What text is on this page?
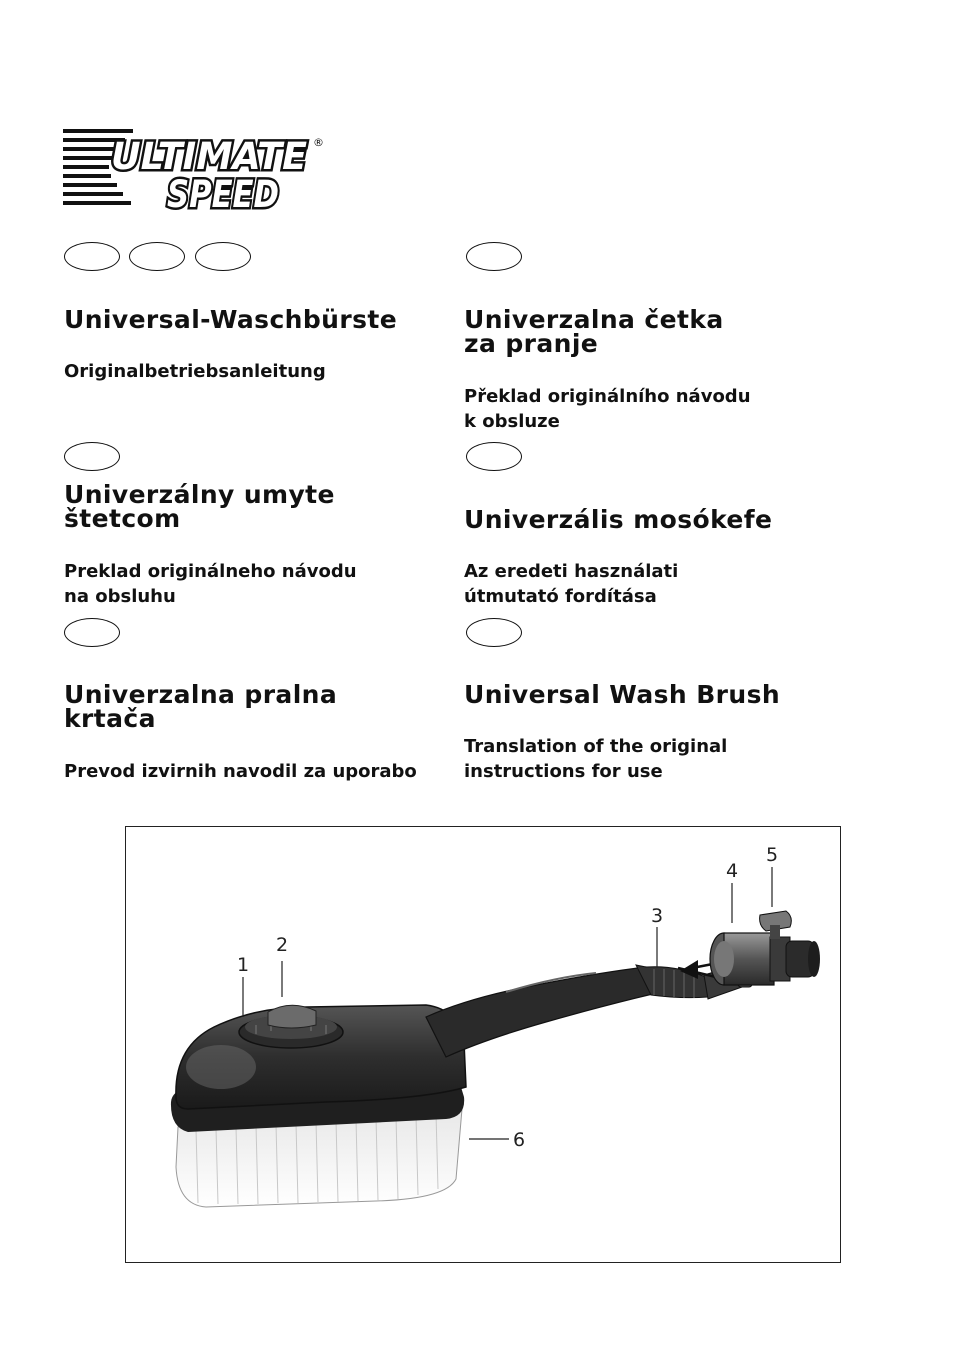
ULTIMATE
SPEED
®
Universal-Waschbürste

Originalbetriebsanleitung

Univerzalna četka
za pranje

Překlad originálního návodu
k obsluze

Univerzálny umyte
štetcom

Preklad originálneho návodu
na obsluhu

Univerzális mosókefe

Az eredeti használati
útmutató fordítása

Univerzalna pralna
krtača

Prevod izvirnih navodil za uporabo

Universal Wash Brush

Translation of the original
instructions for use

1
2
3
4
5
6
